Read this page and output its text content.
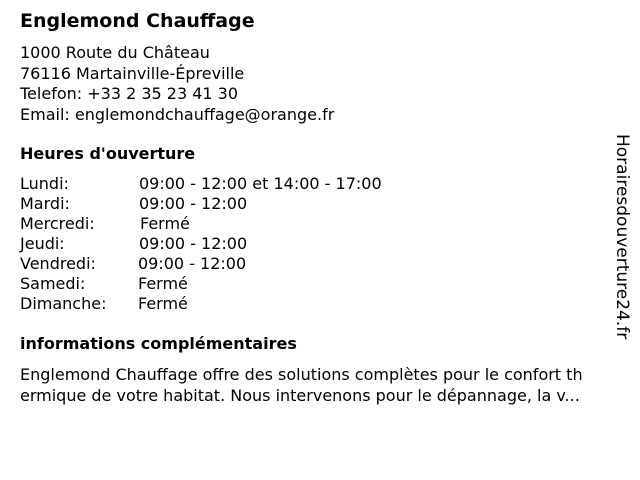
Englemond Chauffage
1000 Route du Château
76116 Martainville-Épreville
Telefon: +33 2 35 23 41 30
Email: englemondchauffage@orange.fr
Heures d'ouverture
Lundi:	09:00 - 12:00 et 14:00 - 17:00
Mardi:	09:00 - 12:00
Mercredi:	Fermé
Jeudi:	09:00 - 12:00
Vendredi:	09:00 - 12:00
Samedi:	Fermé
Dimanche: Fermé
informations complémentaires
Englemond Chauffage offre des solutions complètes pour le confort th
ermique de votre habitat. Nous intervenons pour le dépannage, la v...
Horairesdouverture24.fr
